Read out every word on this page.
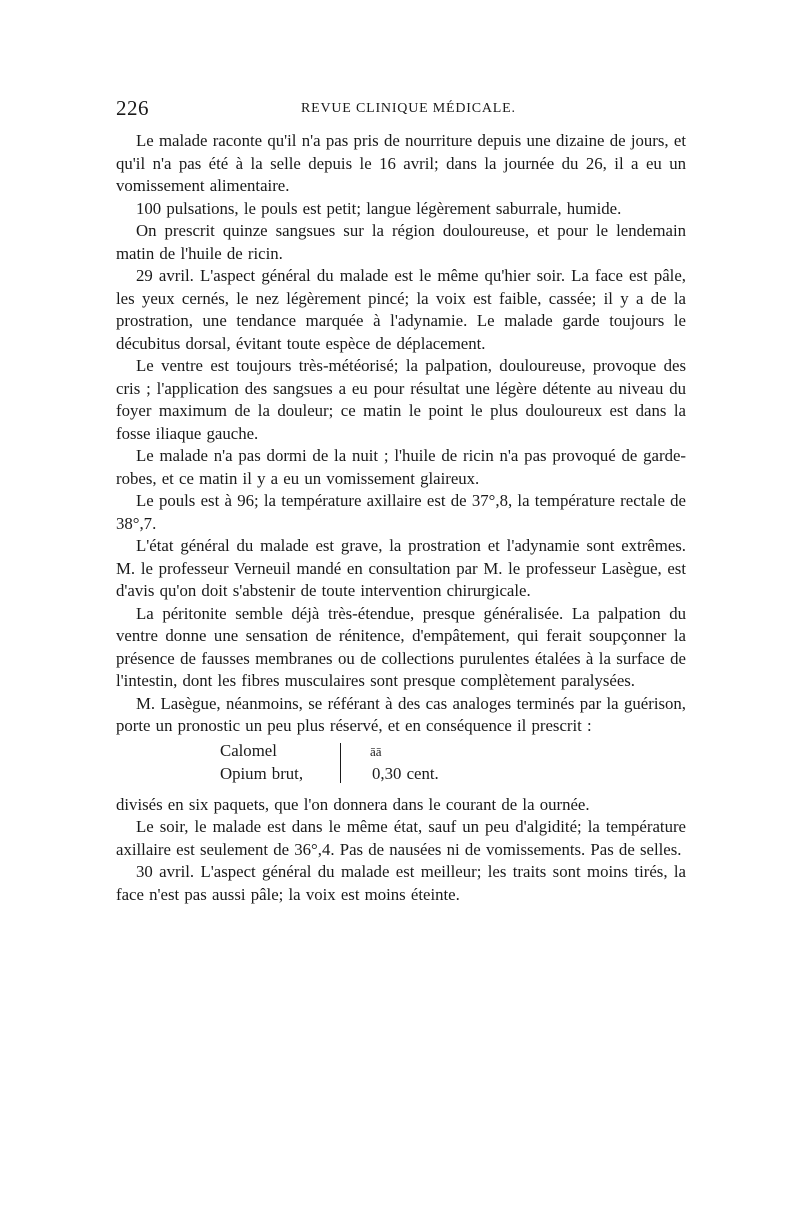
226	REVUE CLINIQUE MÉDICALE.

Le malade raconte qu'il n'a pas pris de nourriture depuis une dizaine de jours, et qu'il n'a pas été à la selle depuis le 16 avril; dans la journée du 26, il a eu un vomissement alimentaire.

100 pulsations, le pouls est petit; langue légèrement saburrale, humide.

On prescrit quinze sangsues sur la région douloureuse, et pour le lendemain matin de l'huile de ricin.

29 avril. L'aspect général du malade est le même qu'hier soir. La face est pâle, les yeux cernés, le nez légèrement pincé; la voix est faible, cassée; il y a de la prostration, une tendance marquée à l'adynamie. Le malade garde toujours le décubitus dorsal, évitant toute espèce de déplacement.

Le ventre est toujours très-météorisé; la palpation, douloureuse, provoque des cris ; l'application des sangsues a eu pour résultat une légère détente au niveau du foyer maximum de la douleur; ce matin le point le plus douloureux est dans la fosse iliaque gauche.

Le malade n'a pas dormi de la nuit ; l'huile de ricin n'a pas provoqué de garde-robes, et ce matin il y a eu un vomissement glaireux.

Le pouls est à 96; la température axillaire est de 37°,8, la température rectale de 38°,7.

L'état général du malade est grave, la prostration et l'adynamie sont extrêmes. M. le professeur Verneuil mandé en consultation par M. le professeur Lasègue, est d'avis qu'on doit s'abstenir de toute intervention chirurgicale.

La péritonite semble déjà très-étendue, presque généralisée. La palpation du ventre donne une sensation de rénitence, d'empâtement, qui ferait soupçonner la présence de fausses membranes ou de collections purulentes étalées à la surface de l'intestin, dont les fibres musculaires sont presque complètement paralysées.

M. Lasègue, néanmoins, se référant à des cas analoges terminés par la guérison, porte un pronostic un peu plus réservé, et en conséquence il prescrit :

Calomel
Opium brut,
āā
0,30 cent.

divisés en six paquets, que l'on donnera dans le courant de la ournée.

Le soir, le malade est dans le même état, sauf un peu d'algidité; la température axillaire est seulement de 36°,4. Pas de nausées ni de vomissements. Pas de selles.

30 avril. L'aspect général du malade est meilleur; les traits sont moins tirés, la face n'est pas aussi pâle; la voix est moins éteinte.
